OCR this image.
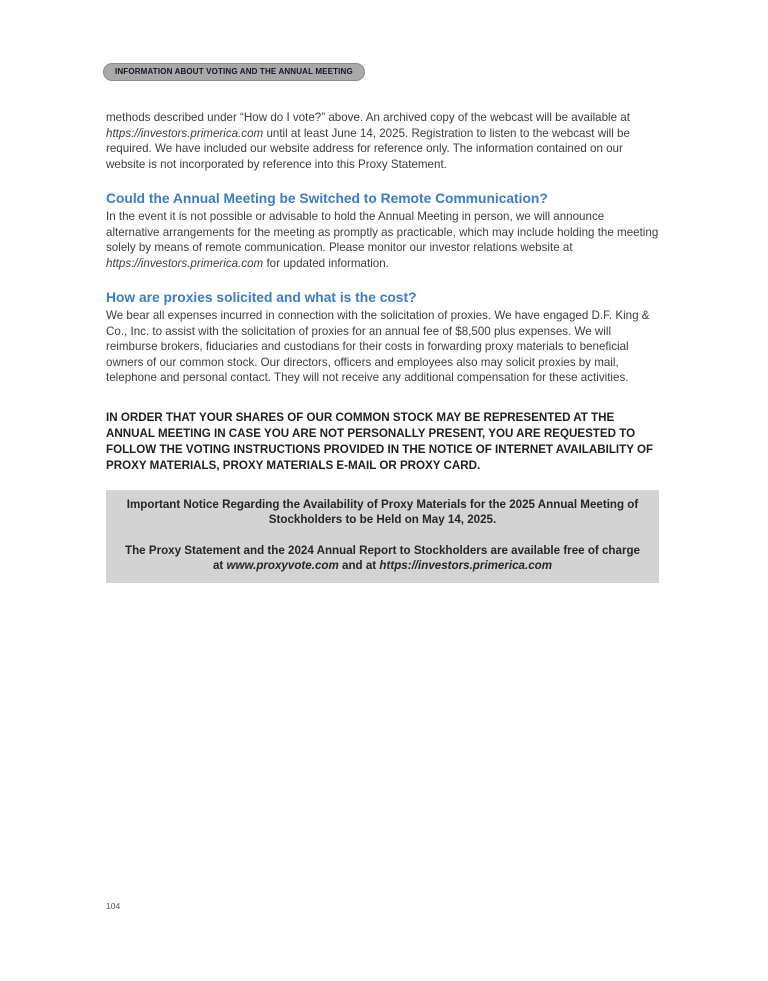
INFORMATION ABOUT VOTING AND THE ANNUAL MEETING

methods described under “How do I vote?” above. An archived copy of the webcast will be available at https://investors.primerica.com until at least June 14, 2025. Registration to listen to the webcast will be required. We have included our website address for reference only. The information contained on our website is not incorporated by reference into this Proxy Statement.

Could the Annual Meeting be Switched to Remote Communication?

In the event it is not possible or advisable to hold the Annual Meeting in person, we will announce alternative arrangements for the meeting as promptly as practicable, which may include holding the meeting solely by means of remote communication. Please monitor our investor relations website at https://investors.primerica.com for updated information.

How are proxies solicited and what is the cost?

We bear all expenses incurred in connection with the solicitation of proxies. We have engaged D.F. King & Co., Inc. to assist with the solicitation of proxies for an annual fee of $8,500 plus expenses. We will reimburse brokers, fiduciaries and custodians for their costs in forwarding proxy materials to beneficial owners of our common stock. Our directors, officers and employees also may solicit proxies by mail, telephone and personal contact. They will not receive any additional compensation for these activities.

IN ORDER THAT YOUR SHARES OF OUR COMMON STOCK MAY BE REPRESENTED AT THE ANNUAL MEETING IN CASE YOU ARE NOT PERSONALLY PRESENT, YOU ARE REQUESTED TO FOLLOW THE VOTING INSTRUCTIONS PROVIDED IN THE NOTICE OF INTERNET AVAILABILITY OF PROXY MATERIALS, PROXY MATERIALS E-MAIL OR PROXY CARD.

Important Notice Regarding the Availability of Proxy Materials for the 2025 Annual Meeting of Stockholders to be Held on May 14, 2025.

The Proxy Statement and the 2024 Annual Report to Stockholders are available free of charge at www.proxyvote.com and at https://investors.primerica.com

104
